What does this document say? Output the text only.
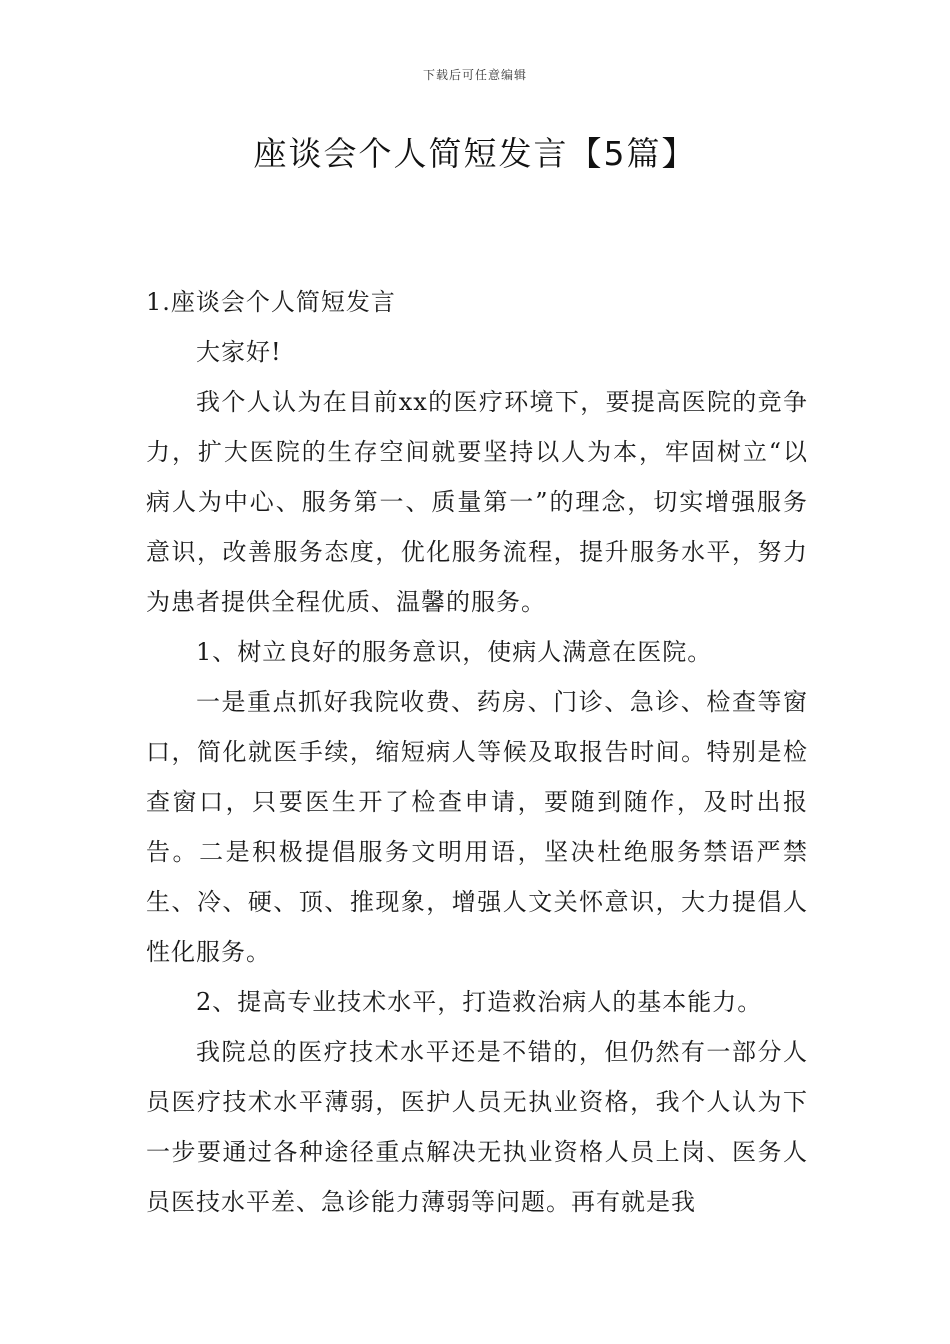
下载后可任意编辑
座谈会个人简短发言【5篇】

1.座谈会个人简短发言

大家好!

我个人认为在目前xx的医疗环境下，要提高医院的竞争力，扩大医院的生存空间就要坚持以人为本，牢固树立“以病人为中心、服务第一、质量第一”的理念，切实增强服务意识，改善服务态度，优化服务流程，提升服务水平，努力为患者提供全程优质、温馨的服务。

1、树立良好的服务意识，使病人满意在医院。

一是重点抓好我院收费、药房、门诊、急诊、检查等窗口，简化就医手续，缩短病人等候及取报告时间。特别是检查窗口，只要医生开了检查申请，要随到随作，及时出报告。二是积极提倡服务文明用语，坚决杜绝服务禁语严禁生、冷、硬、顶、推现象，增强人文关怀意识，大力提倡人性化服务。

2、提高专业技术水平，打造救治病人的基本能力。

我院总的医疗技术水平还是不错的，但仍然有一部分人员医疗技术水平薄弱，医护人员无执业资格，我个人认为下一步要通过各种途径重点解决无执业资格人员上岗、医务人员医技水平差、急诊能力薄弱等问题。再有就是我
